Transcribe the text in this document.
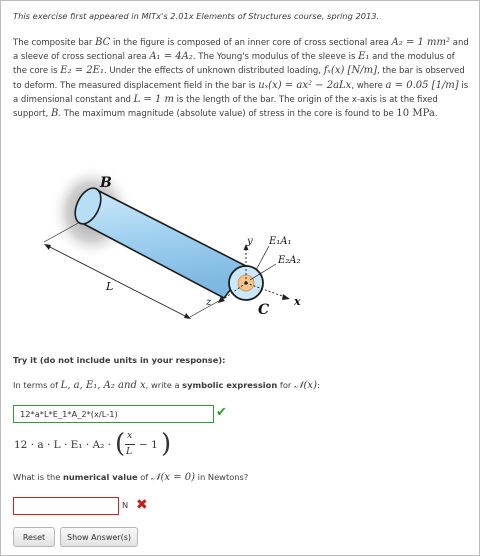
This exercise first appeared in MITx's 2.01x Elements of Structures course, spring 2013.
The composite bar BC in the figure is composed of an inner core of cross sectional area A₂ = 1 mm² and a sleeve of cross sectional area A₁ = 4A₂. The Young's modulus of the sleeve is E₁ and the modulus of the core is E₂ = 2E₁. Under the effects of unknown distributed loading, fₓ(x) [N/m], the bar is observed to deform. The measured displacement field in the bar is uₓ(x) = ax² − 2aLx, where a = 0.05 [1/m] is a dimensional constant and L = 1 m is the length of the bar. The origin of the x-axis is at the fixed support, B. The maximum magnitude (absolute value) of stress in the core is found to be 10 MPa.
B
C
L
y
z	x
E₁A₁
E₂A₂
Try it (do not include units in your response):
In terms of L, a, E₁, A₂ and x, write a symbolic expression for 𝒩(x):
12*a*L*E_1*A_2*(x/L-1)	✔
12 · a · L · E₁ · A₂ · ( x
L
− 1 )
What is the numerical value of 𝒩(x = 0) in Newtons?
N ✖
Reset	Show Answer(s)
